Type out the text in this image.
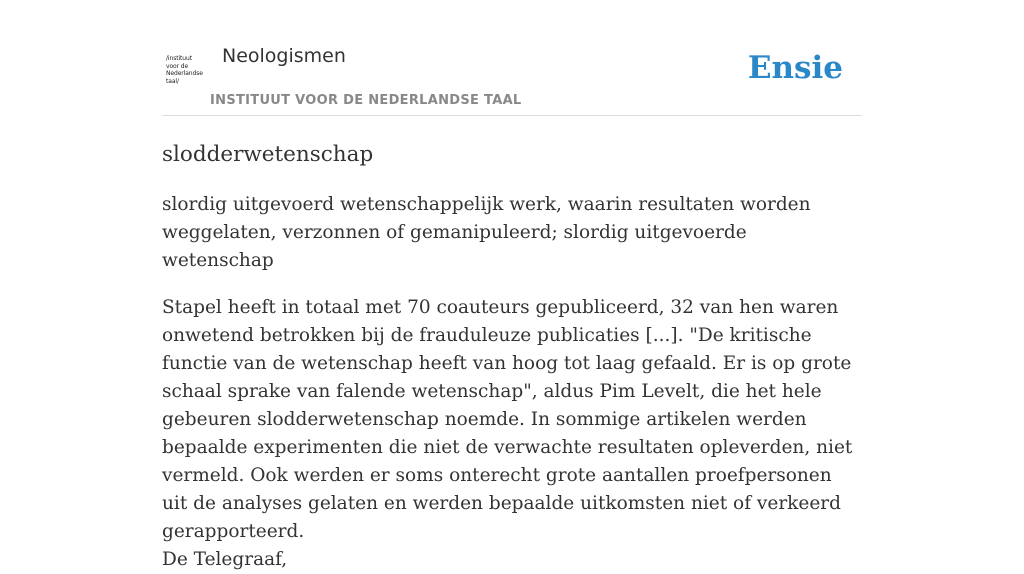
/instituut
voor de
Nederlandse
taal/
Neologismen
INSTITUUT VOOR DE NEDERLANDSE TAAL
Ensie
slodderwetenschap

slordig uitgevoerd wetenschappelijk werk, waarin resultaten worden weggelaten, verzonnen of gemanipuleerd; slordig uitgevoerde wetenschap

Stapel heeft in totaal met 70 coauteurs gepubliceerd, 32 van hen waren onwetend betrokken bij de frauduleuze publicaties [...]. "De kritische functie van de wetenschap heeft van hoog tot laag gefaald. Er is op grote schaal sprake van falende wetenschap", aldus Pim Levelt, die het hele gebeuren slodderwetenschap noemde. In sommige artikelen werden bepaalde experimenten die niet de verwachte resultaten opleverden, niet vermeld. Ook werden er soms onterecht grote aantallen proefpersonen uit de analyses gelaten en werden bepaalde uitkomsten niet of verkeerd gerapporteerd.
De Telegraaf,
